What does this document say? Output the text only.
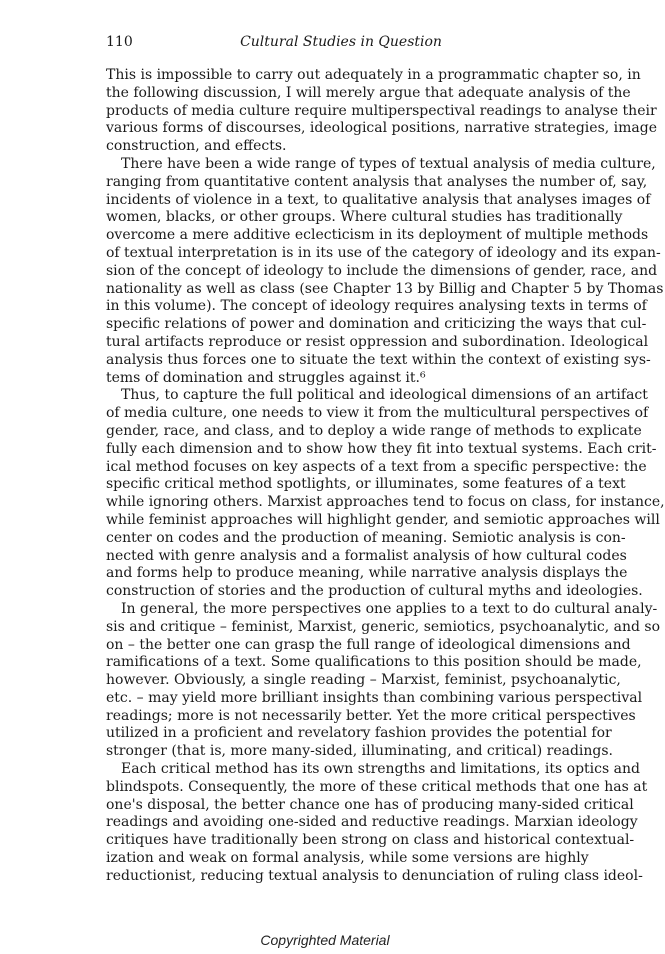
110	Cultural Studies in Question
This is impossible to carry out adequately in a programmatic chapter so, in
the following discussion, I will merely argue that adequate analysis of the
products of media culture require multiperspectival readings to analyse their
various forms of discourses, ideological positions, narrative strategies, image
construction, and effects.
There have been a wide range of types of textual analysis of media culture,
ranging from quantitative content analysis that analyses the number of, say,
incidents of violence in a text, to qualitative analysis that analyses images of
women, blacks, or other groups. Where cultural studies has traditionally
overcome a mere additive eclecticism in its deployment of multiple methods
of textual interpretation is in its use of the category of ideology and its expan-
sion of the concept of ideology to include the dimensions of gender, race, and
nationality as well as class (see Chapter 13 by Billig and Chapter 5 by Thomas
in this volume). The concept of ideology requires analysing texts in terms of
specific relations of power and domination and criticizing the ways that cul-
tural artifacts reproduce or resist oppression and subordination. Ideological
analysis thus forces one to situate the text within the context of existing sys-
tems of domination and struggles against it.⁶
Thus, to capture the full political and ideological dimensions of an artifact
of media culture, one needs to view it from the multicultural perspectives of
gender, race, and class, and to deploy a wide range of methods to explicate
fully each dimension and to show how they fit into textual systems. Each crit-
ical method focuses on key aspects of a text from a specific perspective: the
specific critical method spotlights, or illuminates, some features of a text
while ignoring others. Marxist approaches tend to focus on class, for instance,
while feminist approaches will highlight gender, and semiotic approaches will
center on codes and the production of meaning. Semiotic analysis is con-
nected with genre analysis and a formalist analysis of how cultural codes
and forms help to produce meaning, while narrative analysis displays the
construction of stories and the production of cultural myths and ideologies.
In general, the more perspectives one applies to a text to do cultural analy-
sis and critique – feminist, Marxist, generic, semiotics, psychoanalytic, and so
on – the better one can grasp the full range of ideological dimensions and
ramifications of a text. Some qualifications to this position should be made,
however. Obviously, a single reading – Marxist, feminist, psychoanalytic,
etc. – may yield more brilliant insights than combining various perspectival
readings; more is not necessarily better. Yet the more critical perspectives
utilized in a proficient and revelatory fashion provides the potential for
stronger (that is, more many-sided, illuminating, and critical) readings.
Each critical method has its own strengths and limitations, its optics and
blindspots. Consequently, the more of these critical methods that one has at
one's disposal, the better chance one has of producing many-sided critical
readings and avoiding one-sided and reductive readings. Marxian ideology
critiques have traditionally been strong on class and historical contextual-
ization and weak on formal analysis, while some versions are highly
reductionist, reducing textual analysis to denunciation of ruling class ideol-
Copyrighted Material
